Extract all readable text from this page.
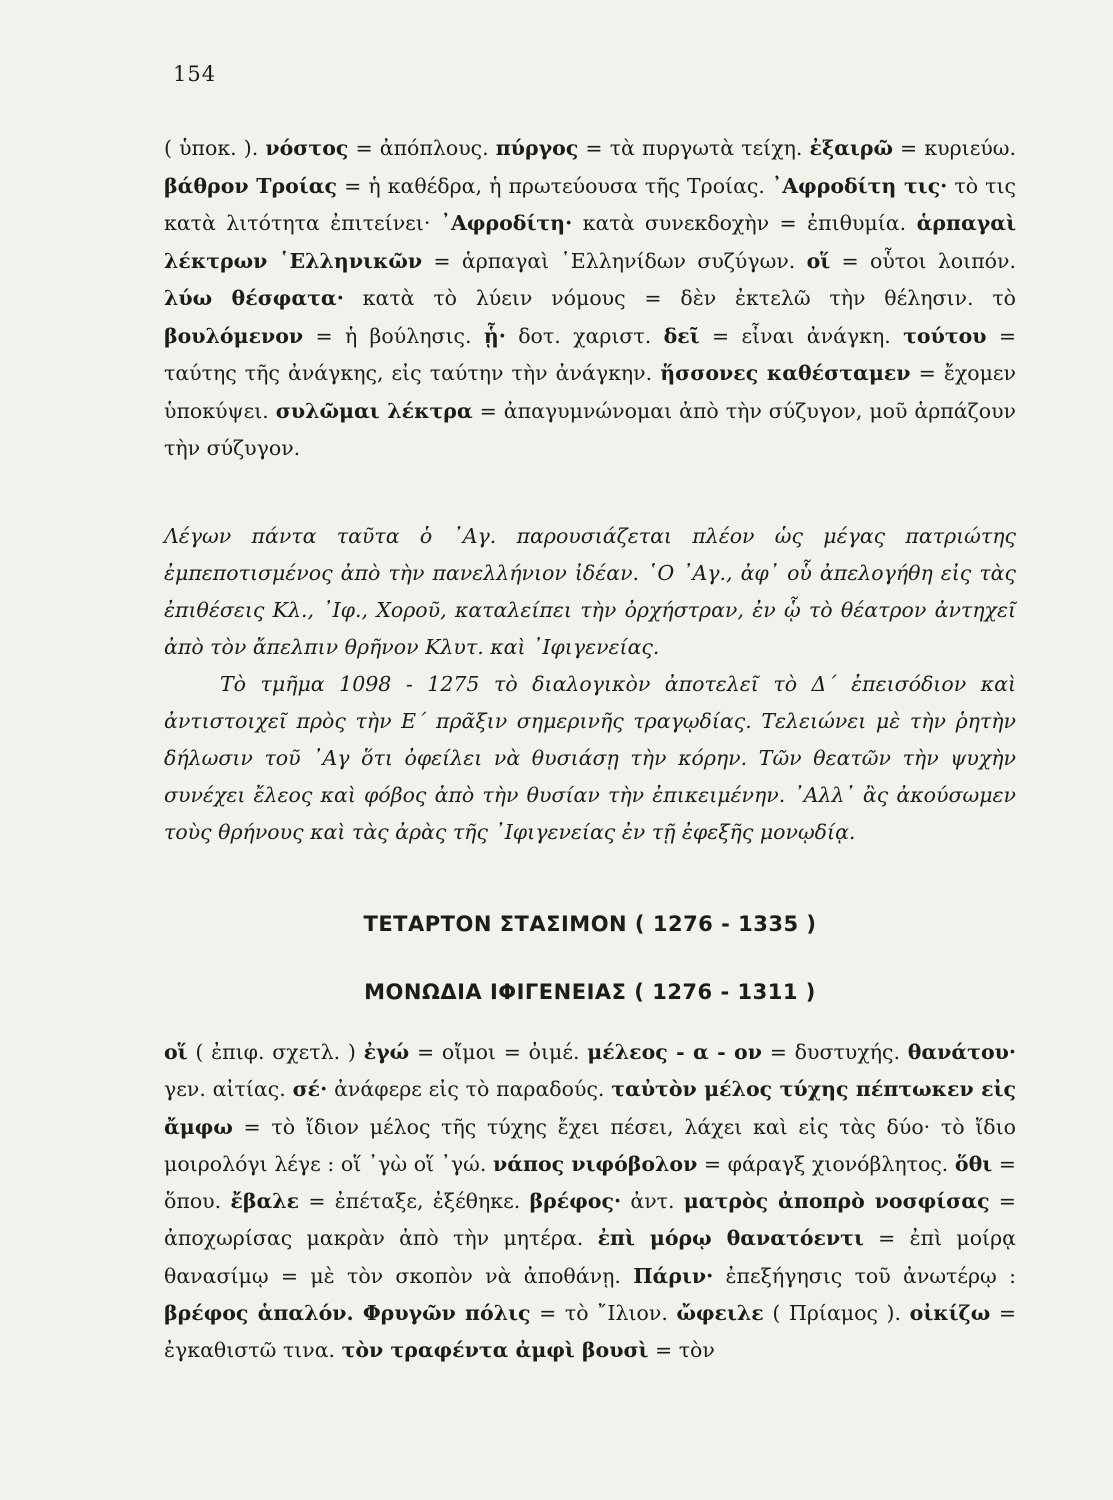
154
( ὑποκ. ). νόστος = ἀπόπλους. πύργος = τὰ πυργωτὰ τείχη. ἐξαιρῶ = κυριεύω. βάθρον Τροίας = ἡ καθέδρα, ἡ πρωτεύουσα τῆς Τροίας. ᾿Αφροδίτη τις· τὸ τις κατὰ λιτότητα ἐπιτείνει· ᾿Αφροδίτη· κατὰ συνεκδοχὴν = ἐπιθυμία. ἁρπαγαὶ λέκτρων ῾Ελληνικῶν = ἁρπαγαὶ ῾Ελληνίδων συζύγων. οἵ = οὗτοι λοιπόν. λύω θέσφατα· κατὰ τὸ λύειν νόμους = δὲν ἐκτελῶ τὴν θέλησιν. τὸ βουλόμενον = ἡ βούλησις. ᾗ· δοτ. χαριστ. δεῖ = εἶναι ἀνάγκη. τούτου = ταύτης τῆς ἀνάγκης, εἰς ταύτην τὴν ἀνάγκην. ἥσσονες καθέσταμεν = ἔχομεν ὑποκύψει. συλῶμαι λέκτρα = ἀπαγυμνώνομαι ἀπὸ τὴν σύζυγον, μοῦ ἁρπάζουν τὴν σύζυγον.

Λέγων πάντα ταῦτα ὁ ᾿Αγ. παρουσιάζεται πλέον ὡς μέγας πατριώτης ἐμπεποτισμένος ἀπὸ τὴν πανελλήνιον ἰδέαν. ῾Ο ᾿Αγ., ἀφ᾿ οὗ ἀπελογήθη εἰς τὰς ἐπιθέσεις Κλ., ᾿Ιφ., Χοροῦ, καταλείπει τὴν ὀρχήστραν, ἐν ᾧ τὸ θέατρον ἀντηχεῖ ἀπὸ τὸν ἄπελπιν θρῆνον Κλυτ. καὶ ᾿Ιφιγενείας.

Τὸ τμῆμα 1098 - 1275 τὸ διαλογικὸν ἀποτελεῖ τὸ Δ΄ ἐπεισόδιον καὶ ἀντιστοιχεῖ πρὸς τὴν Ε΄ πρᾶξιν σημερινῆς τραγῳδίας. Τελειώνει μὲ τὴν ῥητὴν δήλωσιν τοῦ ᾿Αγ ὅτι ὀφείλει νὰ θυσιάσῃ τὴν κόρην. Τῶν θεατῶν τὴν ψυχὴν συνέχει ἔλεος καὶ φόβος ἀπὸ τὴν θυσίαν τὴν ἐπικειμένην. ᾿Αλλ᾿ ἂς ἀκούσωμεν τοὺς θρήνους καὶ τὰς ἀρὰς τῆς ᾿Ιφιγενείας ἐν τῇ ἐφεξῆς μονῳδίᾳ.

ΤΕΤΑΡΤΟΝ ΣΤΑΣΙΜΟΝ ( 1276 - 1335 )
ΜΟΝΩΔΙΑ ΙΦΙΓΕΝΕΙΑΣ ( 1276 - 1311 )
οἵ ( ἐπιφ. σχετλ. ) ἐγώ = οἴμοι = ὀιμέ. μέλεος - α - ον = δυστυχής. θανάτου· γεν. αἰτίας. σέ· ἀνάφερε εἰς τὸ παραδούς. ταὐτὸν μέλος τύχης πέπτωκεν εἰς ἄμφω = τὸ ἴδιον μέλος τῆς τύχης ἔχει πέσει, λάχει καὶ εἰς τὰς δύο· τὸ ἴδιο μοιρολόγι λέγε : οἵ ᾿γὼ οἵ ᾿γώ. νάπος νιφόβολον = φάραγξ χιονόβλητος. ὅθι = ὅπου. ἔβαλε = ἐπέταξε, ἐξέθηκε. βρέφος· ἀντ. ματρὸς ἀποπρὸ νοσφίσας = ἀποχωρίσας μακρὰν ἀπὸ τὴν μητέρα. ἐπὶ μόρῳ θανατόεντι = ἐπὶ μοίρᾳ θανασίμῳ = μὲ τὸν σκοπὸν νὰ ἀποθάνῃ. Πάριν· ἐπεξήγησις τοῦ ἀνωτέρῳ : βρέφος ἁπαλόν. Φρυγῶν πόλις = τὸ ῎Ιλιον. ὤφειλε ( Πρίαμος ). οἰκίζω = ἐγκαθιστῶ τινα. τὸν τραφέντα ἀμφὶ βουσὶ = τὸν
